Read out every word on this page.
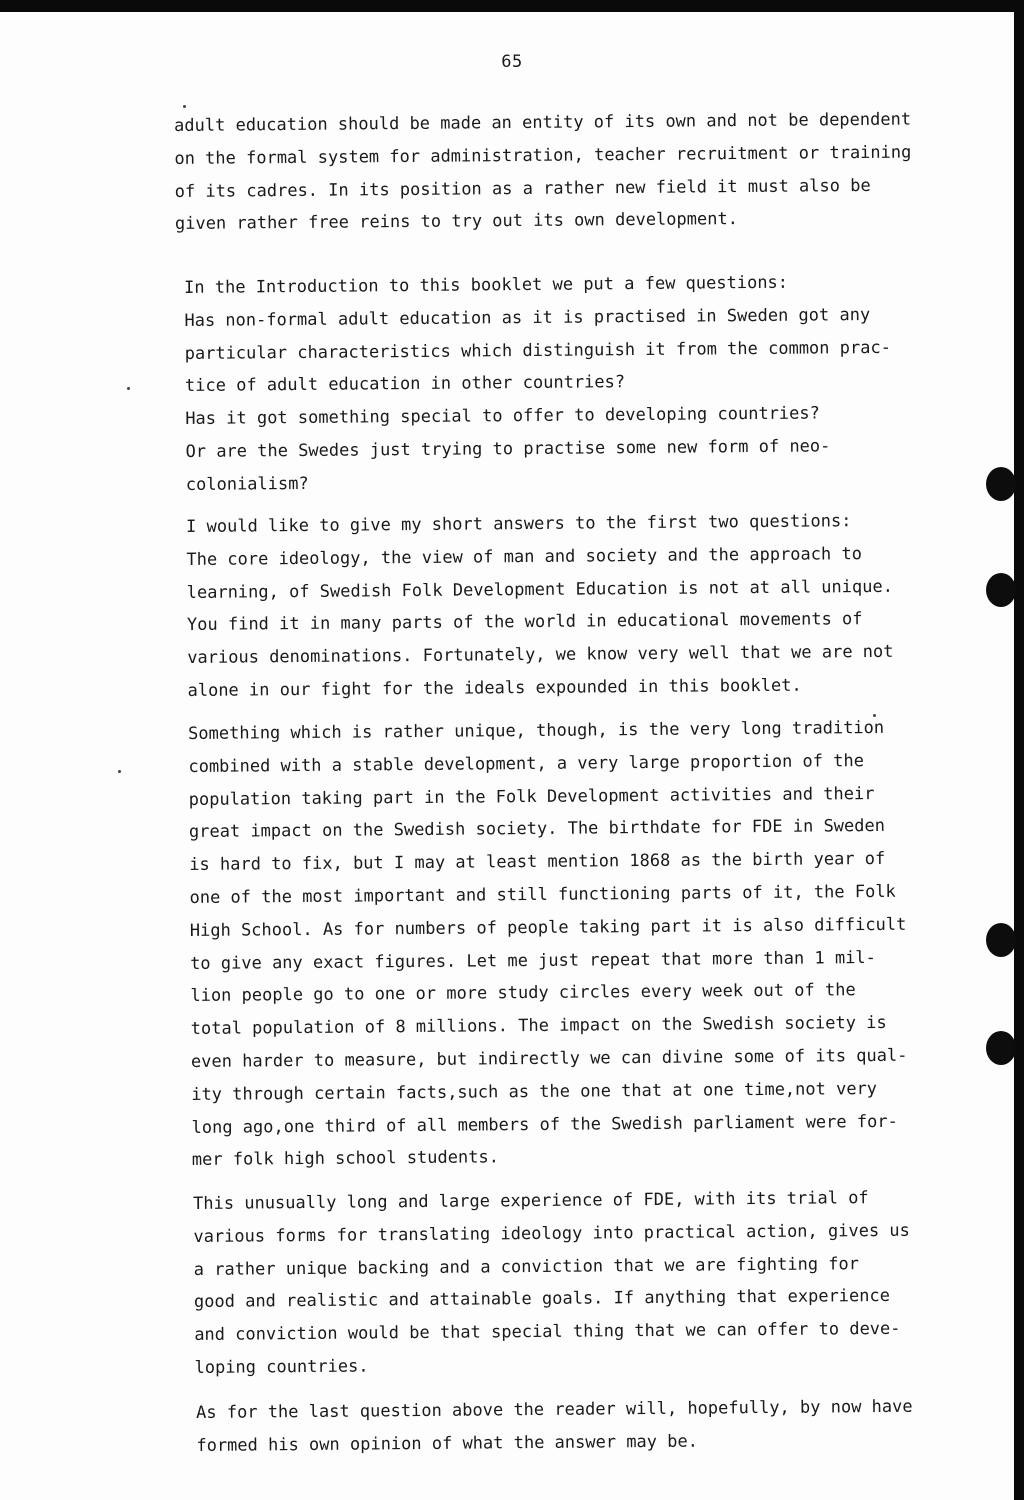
65
adult education should be made an entity of its own and not be dependent
on the formal system for administration, teacher recruitment or training
of its cadres. In its position as a rather new field it must also be
given rather free reins to try out its own development.
In the Introduction to this booklet we put a few questions:
Has non-formal adult education as it is practised in Sweden got any
particular characteristics which distinguish it from the common prac-
tice of adult education in other countries?
Has it got something special to offer to developing countries?
Or are the Swedes just trying to practise some new form of neo-
colonialism?
I would like to give my short answers to the first two questions:
The core ideology, the view of man and society and the approach to
learning, of Swedish Folk Development Education is not at all unique.
You find it in many parts of the world in educational movements of
various denominations. Fortunately, we know very well that we are not
alone in our fight for the ideals expounded in this booklet.
Something which is rather unique, though, is the very long tradition
combined with a stable development, a very large proportion of the
population taking part in the Folk Development activities and their
great impact on the Swedish society. The birthdate for FDE in Sweden
is hard to fix, but I may at least mention 1868 as the birth year of
one of the most important and still functioning parts of it, the Folk
High School. As for numbers of people taking part it is also difficult
to give any exact figures. Let me just repeat that more than 1 mil-
lion people go to one or more study circles every week out of the
total population of 8 millions. The impact on the Swedish society is
even harder to measure, but indirectly we can divine some of its qual-
ity through certain facts,such as the one that at one time,not very
long ago,one third of all members of the Swedish parliament were for-
mer folk high school students.
This unusually long and large experience of FDE, with its trial of
various forms for translating ideology into practical action, gives us
a rather unique backing and a conviction that we are fighting for
good and realistic and attainable goals. If anything that experience
and conviction would be that special thing that we can offer to deve-
loping countries.
As for the last question above the reader will, hopefully, by now have
formed his own opinion of what the answer may be.
